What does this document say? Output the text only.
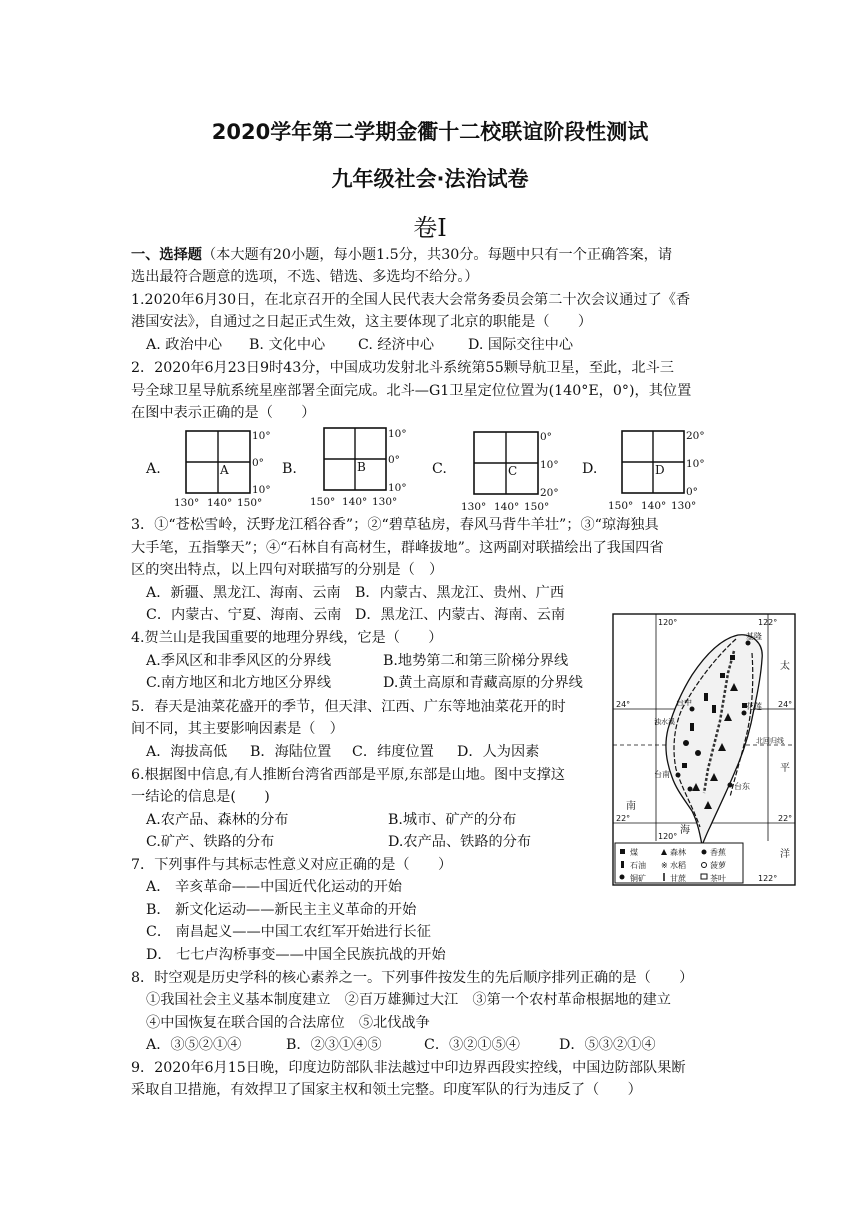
2020学年第二学期金衢十二校联谊阶段性测试
九年级社会·法治试卷
卷Ⅰ
一、选择题（本大题有20小题，每小题1.5分，共30分。每题中只有一个正确答案，请
选出最符合题意的选项，不选、错选、多选均不给分。）
1.2020年6月30日，在北京召开的全国人民代表大会常务委员会第二十次会议通过了《香
港国安法》，自通过之日起正式生效，这主要体现了北京的职能是（　　）
A. 政治中心 B. 文化中心 C. 经济中心 D. 国际交往中心
2．2020年6月23日9时43分，中国成功发射北斗系统第55颗导航卫星，至此，北斗三
号全球卫星导航系统星座部署全面完成。北斗—G1卫星定位位置为(140°E，0°)，其位置
在图中表示正确的是（　　）
A.
10°
0°
10°
130° 140° 150°
A	B.
10°
0°
10°
150° 140° 130°
B	C.
0°
10°
20°
130° 140° 150°
C	D.
20°
10°
0°
150° 140° 130°
D
3．①“苍松雪岭，沃野龙江稻谷香”；②“碧草毡房，春风马背牛羊壮”；③“琼海独具
大手笔，五指擎天”；④“石林自有高材生，群峰拔地”。这两副对联描绘出了我国四省
区的突出特点，以上四句对联描写的分别是（　）
A．新疆、黑龙江、海南、云南 B．内蒙古、黑龙江、贵州、广西
C．内蒙古、宁夏、海南、云南 D．黑龙江、内蒙古、海南、云南
4.贺兰山是我国重要的地理分界线，它是（　　）
A.季风区和非季风区的分界线	B.地势第二和第三阶梯分界线
C.南方地区和北方地区分界线	D.黄土高原和青藏高原的分界线
5．春天是油菜花盛开的季节，但天津、江西、广东等地油菜花开的时
间不同，其主要影响因素是（　）
A．海拔高低 B．海陆位置 C．纬度位置 D．人为因素
6.根据图中信息,有人推断台湾省西部是平原,东部是山地。图中支撑这
一结论的信息是(　　)
A.农产品、森林的分布	B.城市、矿产的分布
C.矿产、铁路的分布	D.农产品、铁路的分布
7．下列事件与其标志性意义对应正确的是（　　）
A． 辛亥革命——中国近代化运动的开始
B． 新文化运动——新民主主义革命的开始
C． 南昌起义——中国工农红军开始进行长征
D． 七七卢沟桥事变——中国全民族抗战的开始
8．时空观是历史学科的核心素养之一。下列事件按发生的先后顺序排列正确的是（　　）
①我国社会主义基本制度建立　②百万雄狮过大江　③第一个农村革命根据地的建立
④中国恢复在联合国的合法席位　⑤北伐战争
A．③⑤②①④	B．②③①④⑤	C．③②①⑤④	D．⑤③②①④
9．2020年6月15日晚，印度边防部队非法越过中印边界西段实控线，中国边防部队果断
采取自卫措施，有效捍卫了国家主权和领土完整。印度军队的行为违反了（　　）
120°	122°
24°	24°
22°	22°
120°
122°
基隆
台中	花莲
浊水溪
北回归线
台南
台东
太
平
洋
南
海
煤	森林	香蕉
石油 ※ 水稻	菠萝
铜矿	甘蔗	茶叶
